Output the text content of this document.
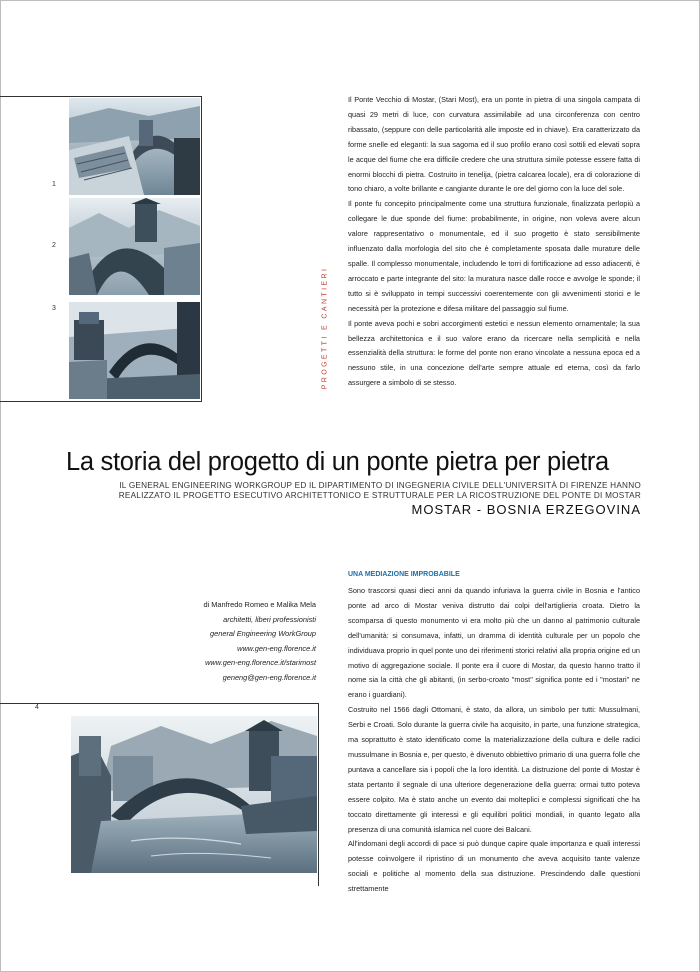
1
2
3	PROGETTI E CANTIERI

Il Ponte Vecchio di Mostar, (Stari Most), era un ponte in pietra di una singola campata di quasi 29 metri di luce, con curvatura assimilabile ad una circonferenza con centro ribassato, (seppure con delle particolarità alle imposte ed in chiave). Era caratterizzato da forme snelle ed eleganti: la sua sagoma ed il suo profilo erano così sottili ed elevati sopra le acque del fiume che era difficile credere che una struttura simile potesse essere fatta di enormi blocchi di pietra. Costruito in tenelija, (pietra calcarea locale), era di colorazione di tono chiaro, a volte brillante e cangiante durante le ore del giorno con la luce del sole.

Il ponte fu concepito principalmente come una struttura funzionale, finalizzata perlopiù a collegare le due sponde del fiume: probabilmente, in origine, non voleva avere alcun valore rappresentativo o monumentale, ed il suo progetto è stato sensibilmente influenzato dalla morfologia del sito che è completamente sposata dalle murature delle spalle. Il complesso monumentale, includendo le torri di fortificazione ad esso adiacenti, è arroccato e parte integrante del sito: la muratura nasce dalle rocce e avvolge le sponde; il tutto si è sviluppato in tempi successivi coerentemente con gli avvenimenti storici e le necessità per la protezione e difesa militare del passaggio sul fiume.

Il ponte aveva pochi e sobri accorgimenti estetici e nessun elemento ornamentale; la sua bellezza architettonica e il suo valore erano da ricercare nella semplicità e nella essenzialità della struttura: le forme del ponte non erano vincolate a nessuna epoca ed a nessuno stile, in una concezione dell'arte sempre attuale ed eterna, così da farlo assurgere a simbolo di se stesso.

La storia del progetto di un ponte pietra per pietra
IL GENERAL ENGINEERING WORKGROUP ED IL DIPARTIMENTO DI INGEGNERIA CIVILE DELL'UNIVERSITÀ DI FIRENZE HANNO
REALIZZATO IL PROGETTO ESECUTIVO ARCHITETTONICO E STRUTTURALE PER LA RICOSTRUZIONE DEL PONTE DI MOSTAR
MOSTAR - BOSNIA ERZEGOVINA
di Manfredo Romeo e Malika Mela
architetti, liberi professionisti
general Engineering WorkGroup
www.gen-eng.florence.it
www.gen-eng.florence.it/starimost
geneng@gen-eng.florence.it
UNA MEDIAZIONE IMPROBABILE

Sono trascorsi quasi dieci anni da quando infuriava la guerra civile in Bosnia e l'antico ponte ad arco di Mostar veniva distrutto dai colpi dell'artiglieria croata. Dietro la scomparsa di questo monumento vi era molto più che un danno al patrimonio culturale dell'umanità: si consumava, infatti, un dramma di identità culturale per un popolo che individuava proprio in quel ponte uno dei riferimenti storici relativi alla propria origine ed un motivo di aggregazione sociale. Il ponte era il cuore di Mostar, da questo hanno tratto il nome sia la città che gli abitanti, (in serbo-croato "most" significa ponte ed i "mostari" ne erano i guardiani).

Costruito nel 1566 dagli Ottomani, è stato, da allora, un simbolo per tutti: Mussulmani, Serbi e Croati. Solo durante la guerra civile ha acquisito, in parte, una funzione strategica, ma soprattutto è stato identificato come la materializzazione della cultura e delle radici mussulmane in Bosnia e, per questo, è divenuto obbiettivo primario di una guerra folle che puntava a cancellare sia i popoli che la loro identità. La distruzione del ponte di Mostar è stata pertanto il segnale di una ulteriore degenerazione della guerra: ormai tutto poteva essere colpito. Ma è stato anche un evento dai molteplici e complessi significati che ha toccato direttamente gli interessi e gli equilibri politici mondiali, in quanto legato alla presenza di una comunità islamica nel cuore dei Balcani.

All'indomani degli accordi di pace si può dunque capire quale importanza e quali interessi potesse coinvolgere il ripristino di un monumento che aveva acquisito tante valenze sociali e politiche al momento della sua distruzione. Prescindendo dalle questioni strettamente

4
